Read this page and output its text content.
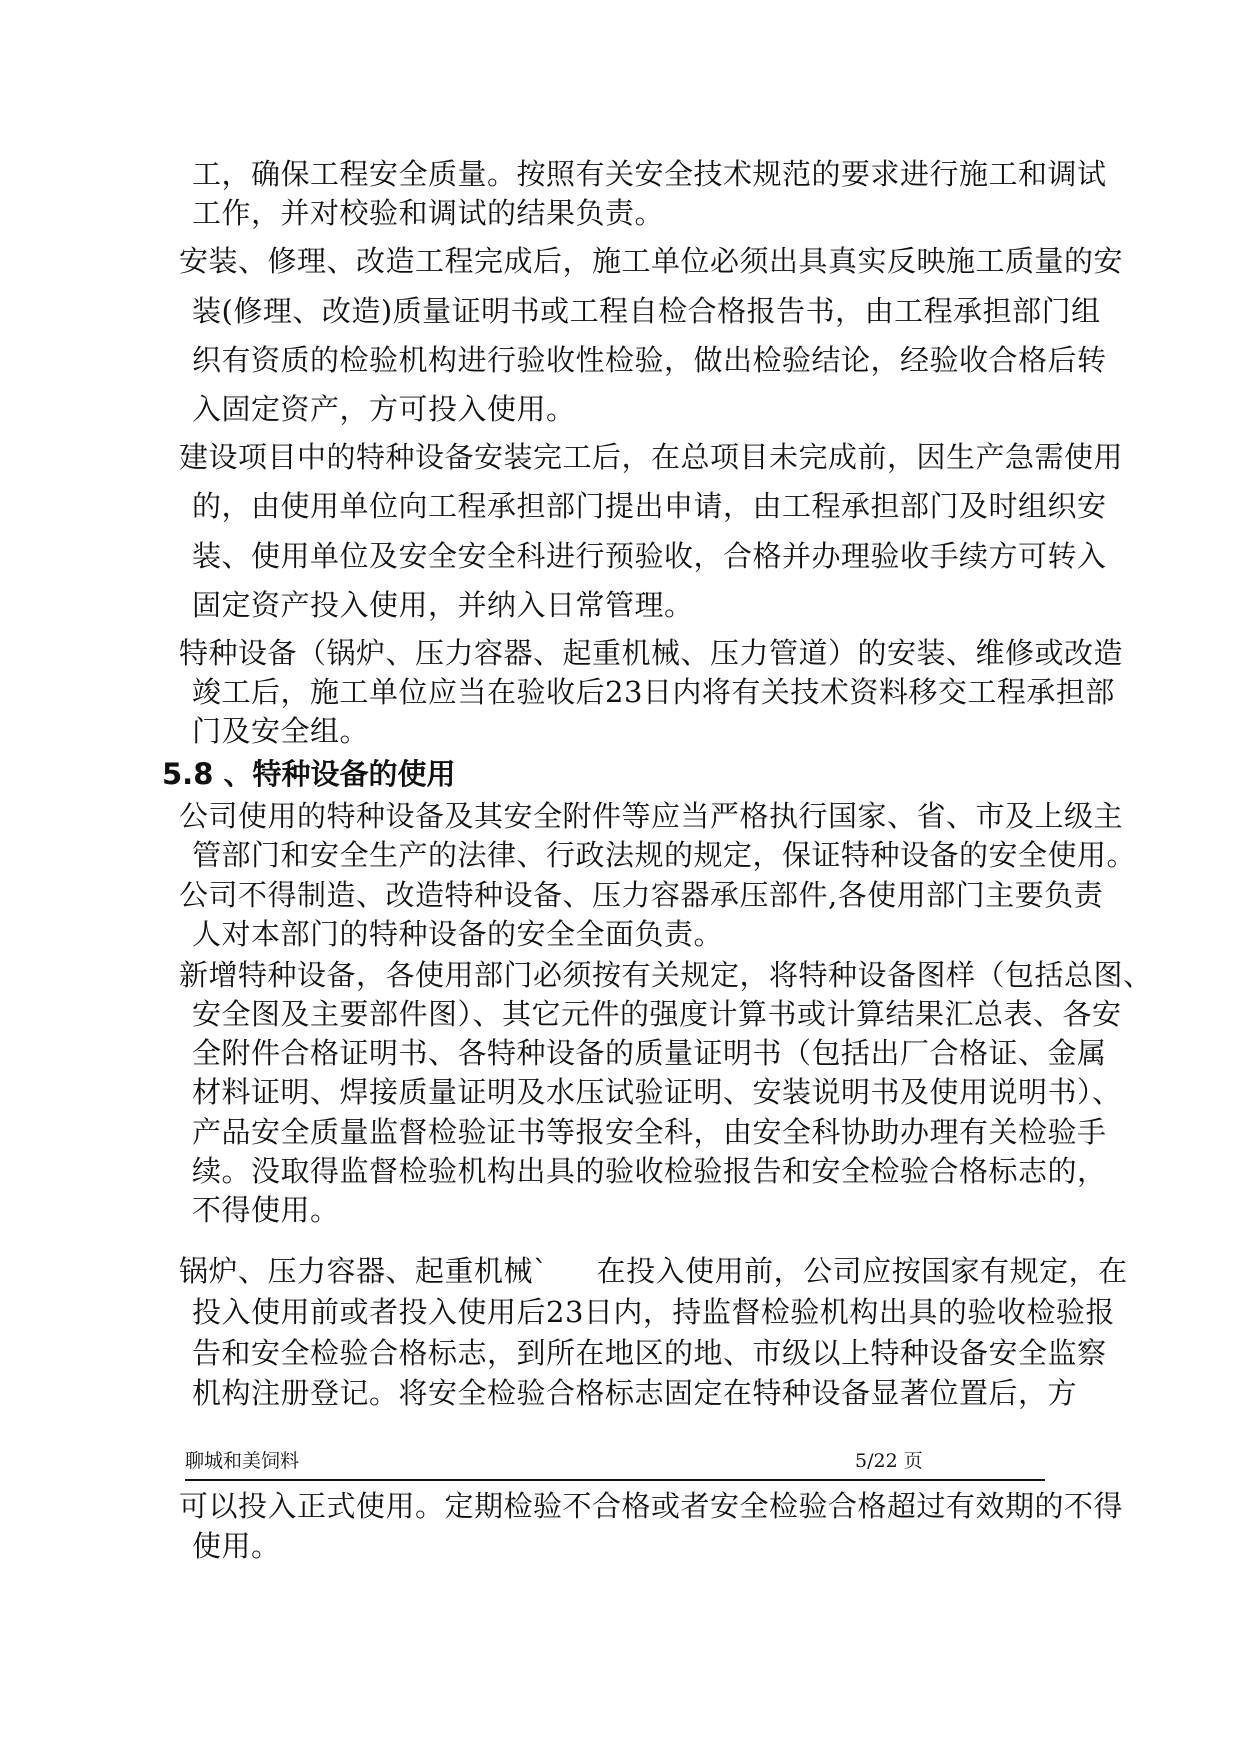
工，确保工程安全质量。按照有关安全技术规范的要求进行施工和调试
工作，并对校验和调试的结果负责。
安装、修理、改造工程完成后，施工单位必须出具真实反映施工质量的安
装(修理、改造)质量证明书或工程自检合格报告书，由工程承担部门组
织有资质的检验机构进行验收性检验，做出检验结论，经验收合格后转
入固定资产，方可投入使用。
建设项目中的特种设备安装完工后，在总项目未完成前，因生产急需使用
的，由使用单位向工程承担部门提出申请，由工程承担部门及时组织安
装、使用单位及安全安全科进行预验收，合格并办理验收手续方可转入
固定资产投入使用，并纳入日常管理。
特种设备（锅炉、压力容器、起重机械、压力管道）的安装、维修或改造
竣工后，施工单位应当在验收后23日内将有关技术资料移交工程承担部
门及安全组。
5.8 、特种设备的使用
公司使用的特种设备及其安全附件等应当严格执行国家、省、市及上级主
管部门和安全生产的法律、行政法规的规定，保证特种设备的安全使用。
公司不得制造、改造特种设备、压力容器承压部件,各使用部门主要负责
人对本部门的特种设备的安全全面负责。
新增特种设备，各使用部门必须按有关规定，将特种设备图样（包括总图、
安全图及主要部件图）、其它元件的强度计算书或计算结果汇总表、各安
全附件合格证明书、各特种设备的质量证明书（包括出厂合格证、金属
材料证明、焊接质量证明及水压试验证明、安装说明书及使用说明书）、
产品安全质量监督检验证书等报安全科，由安全科协助办理有关检验手
续。没取得监督检验机构出具的验收检验报告和安全检验合格标志的，
不得使用。
锅炉、压力容器、起重机械`     在投入使用前，公司应按国家有规定，在
投入使用前或者投入使用后23日内，持监督检验机构出具的验收检验报
告和安全检验合格标志，到所在地区的地、市级以上特种设备安全监察
机构注册登记。将安全检验合格标志固定在特种设备显著位置后，方
聊城和美饲料	5/22 页
可以投入正式使用。定期检验不合格或者安全检验合格超过有效期的不得
使用。
